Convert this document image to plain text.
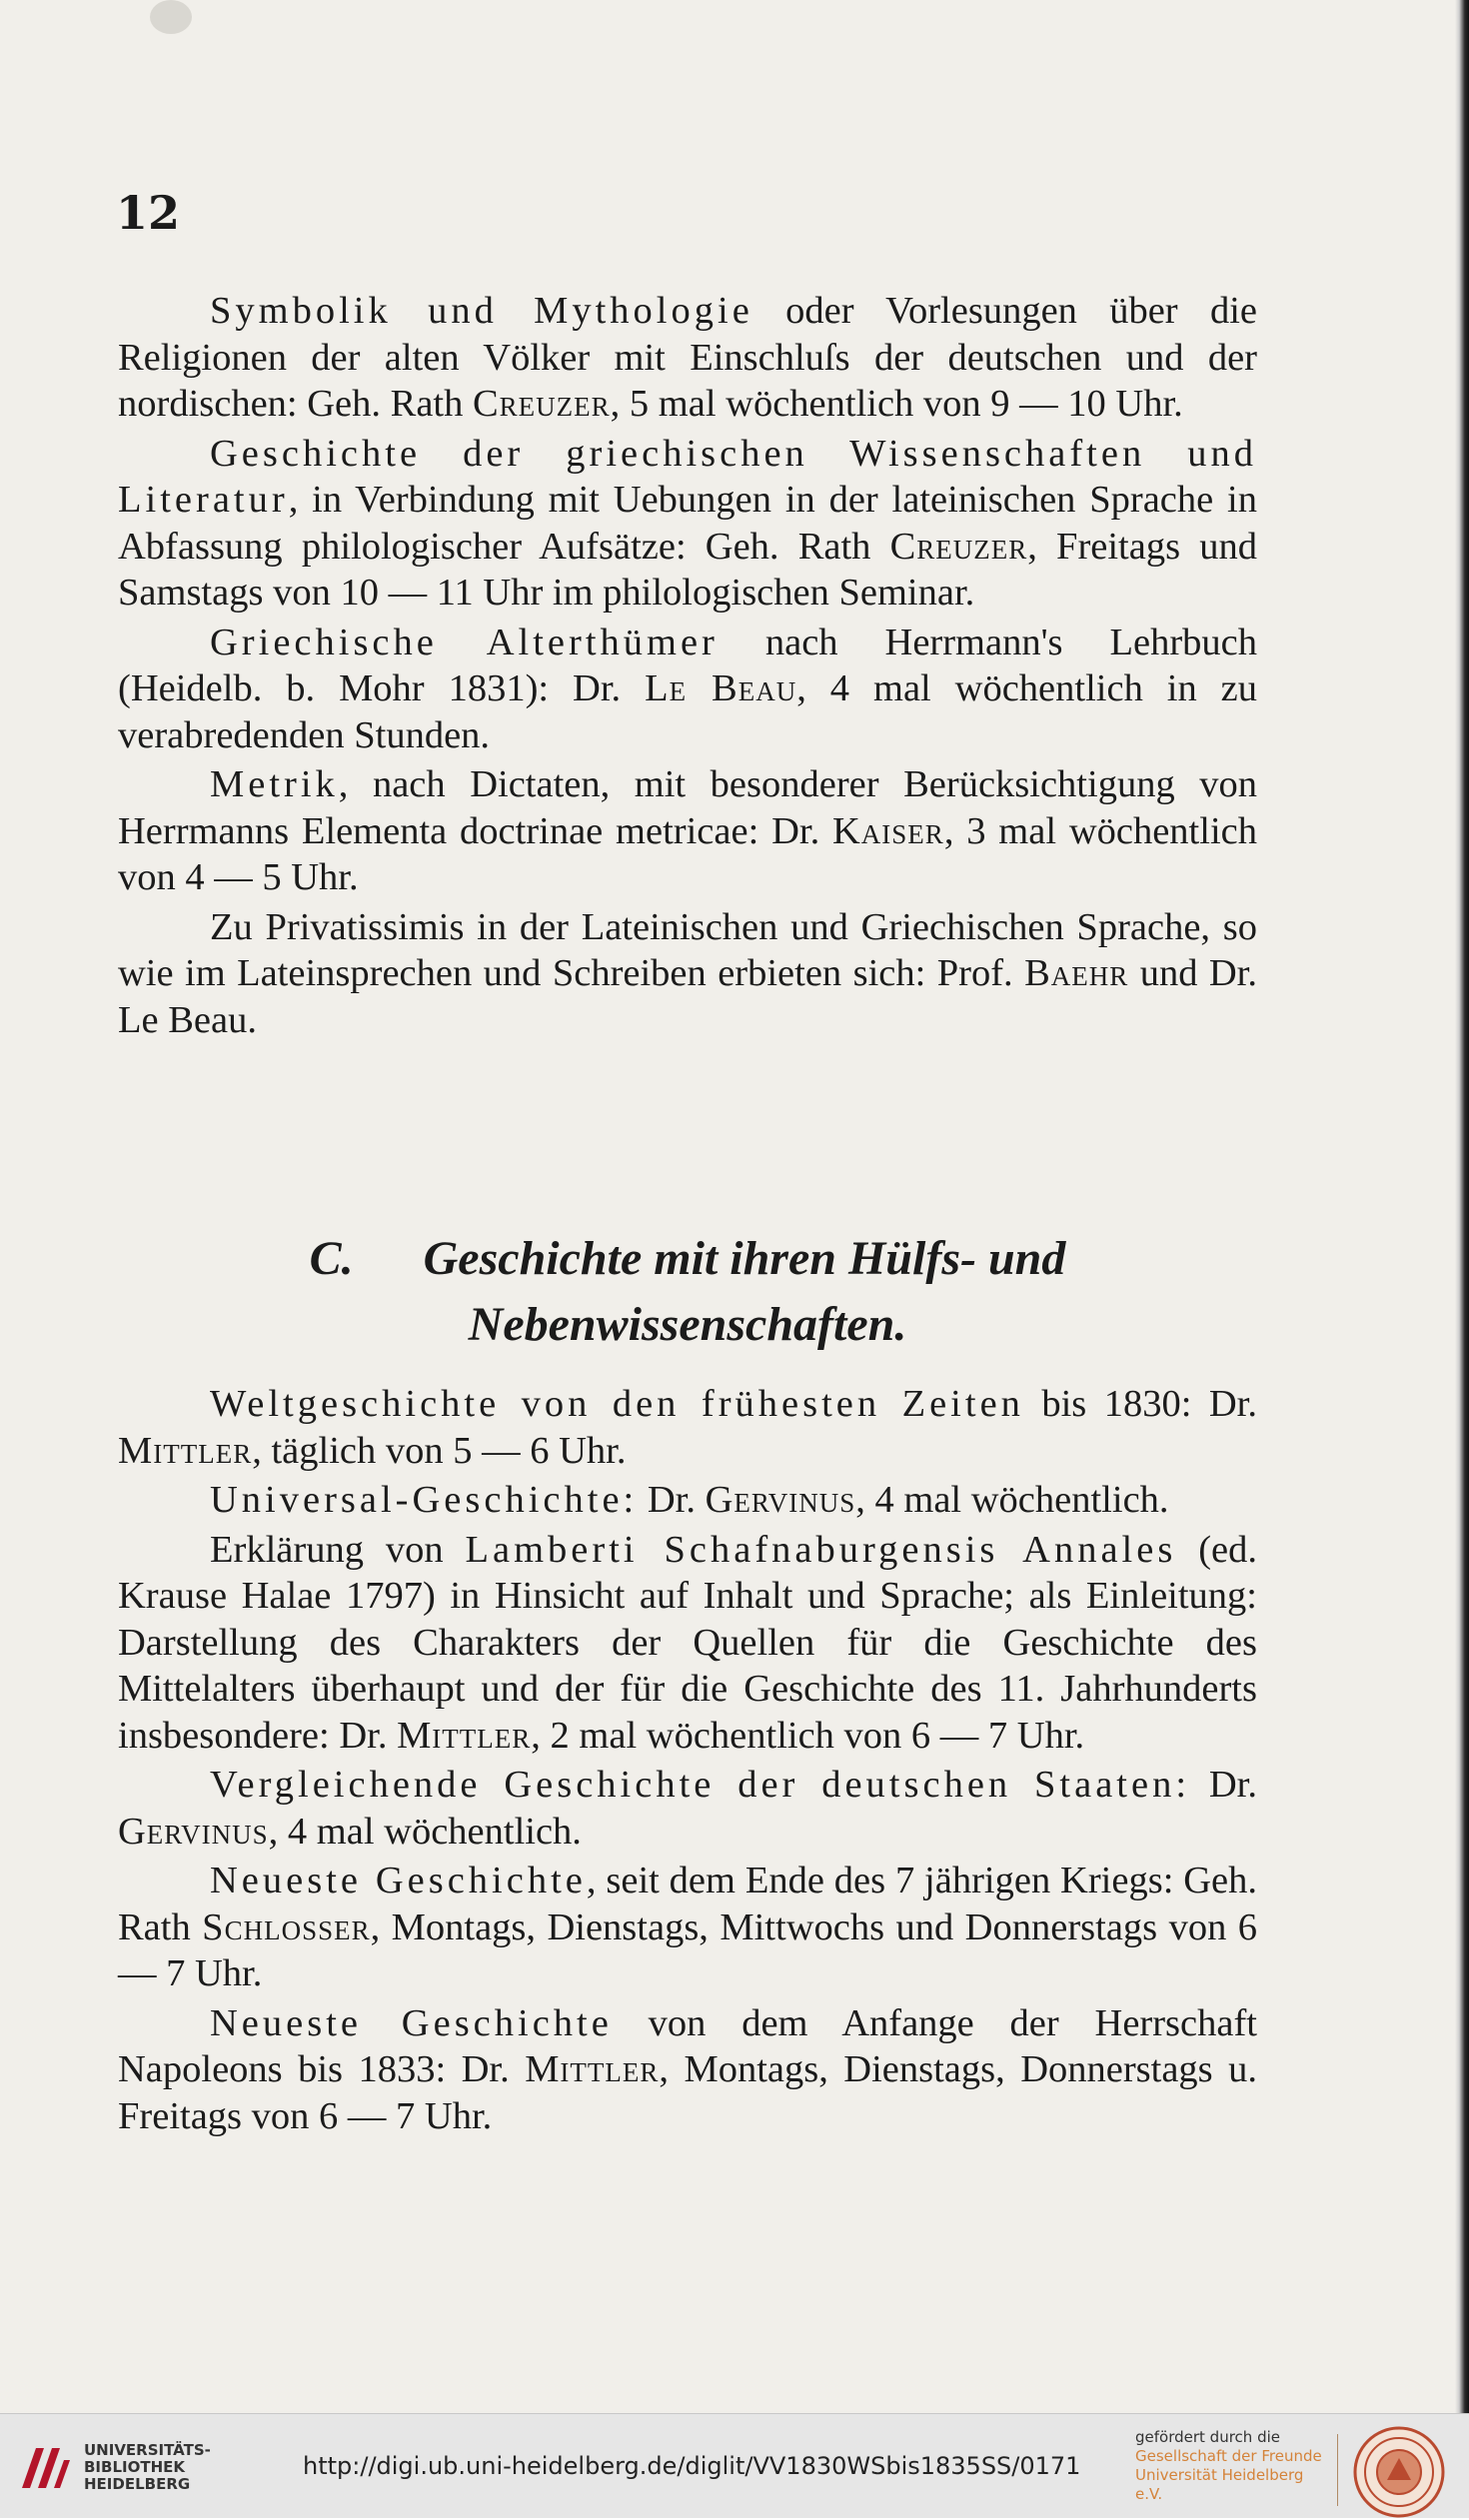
12

Symbolik und Mythologie oder Vorlesungen über die Religionen der alten Völker mit Einschluſs der deutschen und der nordischen: Geh. Rath Creuzer, 5 mal wöchentlich von 9 — 10 Uhr.

Geschichte der griechischen Wissenschaften und Literatur, in Verbindung mit Uebungen in der lateinischen Sprache in Abfassung philologischer Aufsätze: Geh. Rath Creuzer, Freitags und Samstags von 10 — 11 Uhr im philologischen Seminar.

Griechische Alterthümer nach Herrmann's Lehrbuch (Heidelb. b. Mohr 1831): Dr. Le Beau, 4 mal wöchentlich in zu verabredenden Stunden.

Metrik, nach Dictaten, mit besonderer Berücksichtigung von Herrmanns Elementa doctrinae metricae: Dr. Kaiser, 3 mal wöchentlich von 4 — 5 Uhr.

Zu Privatissimis in der Lateinischen und Griechischen Sprache, so wie im Lateinsprechen und Schreiben erbieten sich: Prof. Baehr und Dr. Le Beau.

C. Geschichte mit ihren Hülfs- und
Nebenwissenschaften.

Weltgeschichte von den frühesten Zeiten bis 1830: Dr. Mittler, täglich von 5 — 6 Uhr.

Universal-Geschichte: Dr. Gervinus, 4 mal wöchentlich.

Erklärung von Lamberti Schafnaburgensis Annales (ed. Krause Halae 1797) in Hinsicht auf Inhalt und Sprache; als Einleitung: Darstellung des Charakters der Quellen für die Geschichte des Mittelalters überhaupt und der für die Geschichte des 11. Jahrhunderts insbesondere: Dr. Mittler, 2 mal wöchentlich von 6 — 7 Uhr.

Vergleichende Geschichte der deutschen Staaten: Dr. Gervinus, 4 mal wöchentlich.

Neueste Geschichte, seit dem Ende des 7 jährigen Kriegs: Geh. Rath Schlosser, Montags, Dienstags, Mittwochs und Donnerstags von 6 — 7 Uhr.

Neueste Geschichte von dem Anfange der Herrschaft Napoleons bis 1833: Dr. Mittler, Montags, Dienstags, Donnerstags u. Freitags von 6 — 7 Uhr.

UNIVERSITÄTS-
BIBLIOTHEK
HEIDELBERG
http://digi.ub.uni-heidelberg.de/diglit/VV1830WSbis1835SS/0171
gefördert durch die
Gesellschaft der Freunde
Universität Heidelberg e.V.
